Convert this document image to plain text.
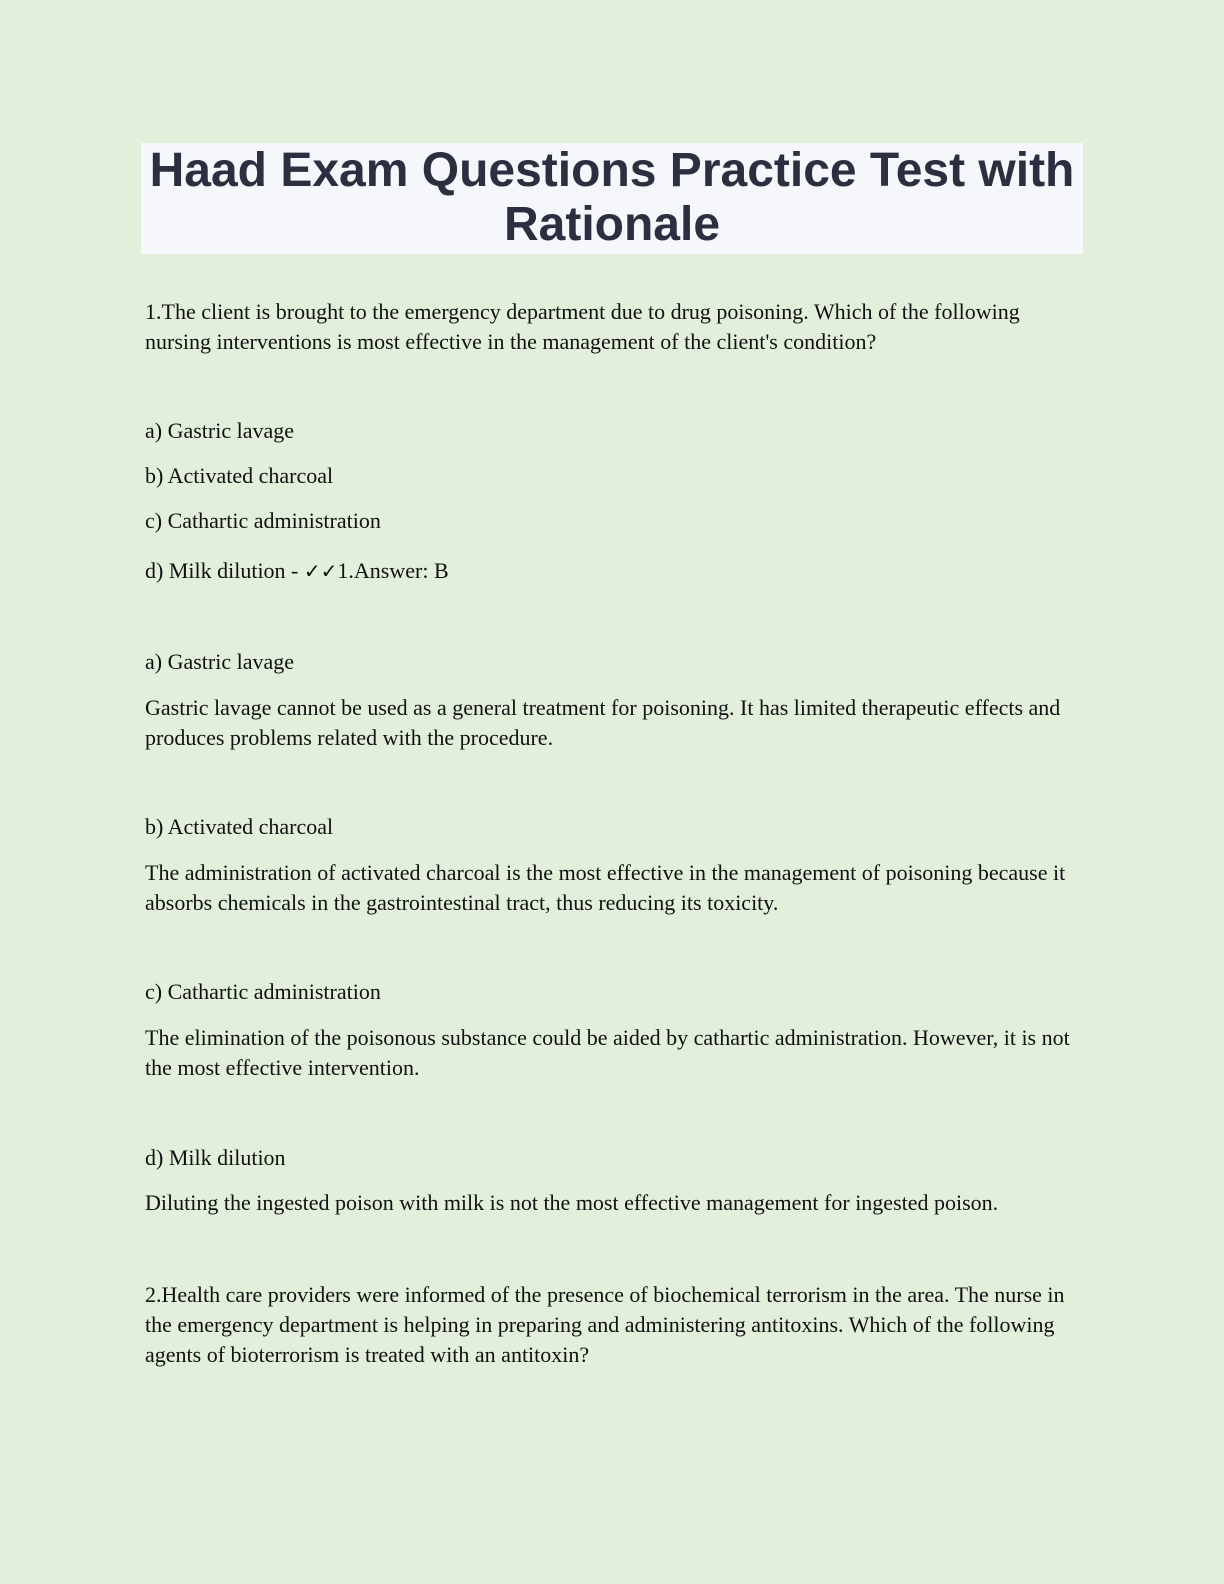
Haad Exam Questions Practice Test with Rationale

1.The client is brought to the emergency department due to drug poisoning. Which of the following nursing interventions is most effective in the management of the client's condition?

a) Gastric lavage

b) Activated charcoal

c) Cathartic administration

d) Milk dilution - ✓✓1.Answer: B

a) Gastric lavage

Gastric lavage cannot be used as a general treatment for poisoning. It has limited therapeutic effects and produces problems related with the procedure.

b) Activated charcoal

The administration of activated charcoal is the most effective in the management of poisoning because it absorbs chemicals in the gastrointestinal tract, thus reducing its toxicity.

c) Cathartic administration

The elimination of the poisonous substance could be aided by cathartic administration. However, it is not the most effective intervention.

d) Milk dilution

Diluting the ingested poison with milk is not the most effective management for ingested poison.

2.Health care providers were informed of the presence of biochemical terrorism in the area. The nurse in the emergency department is helping in preparing and administering antitoxins. Which of the following agents of bioterrorism is treated with an antitoxin?
